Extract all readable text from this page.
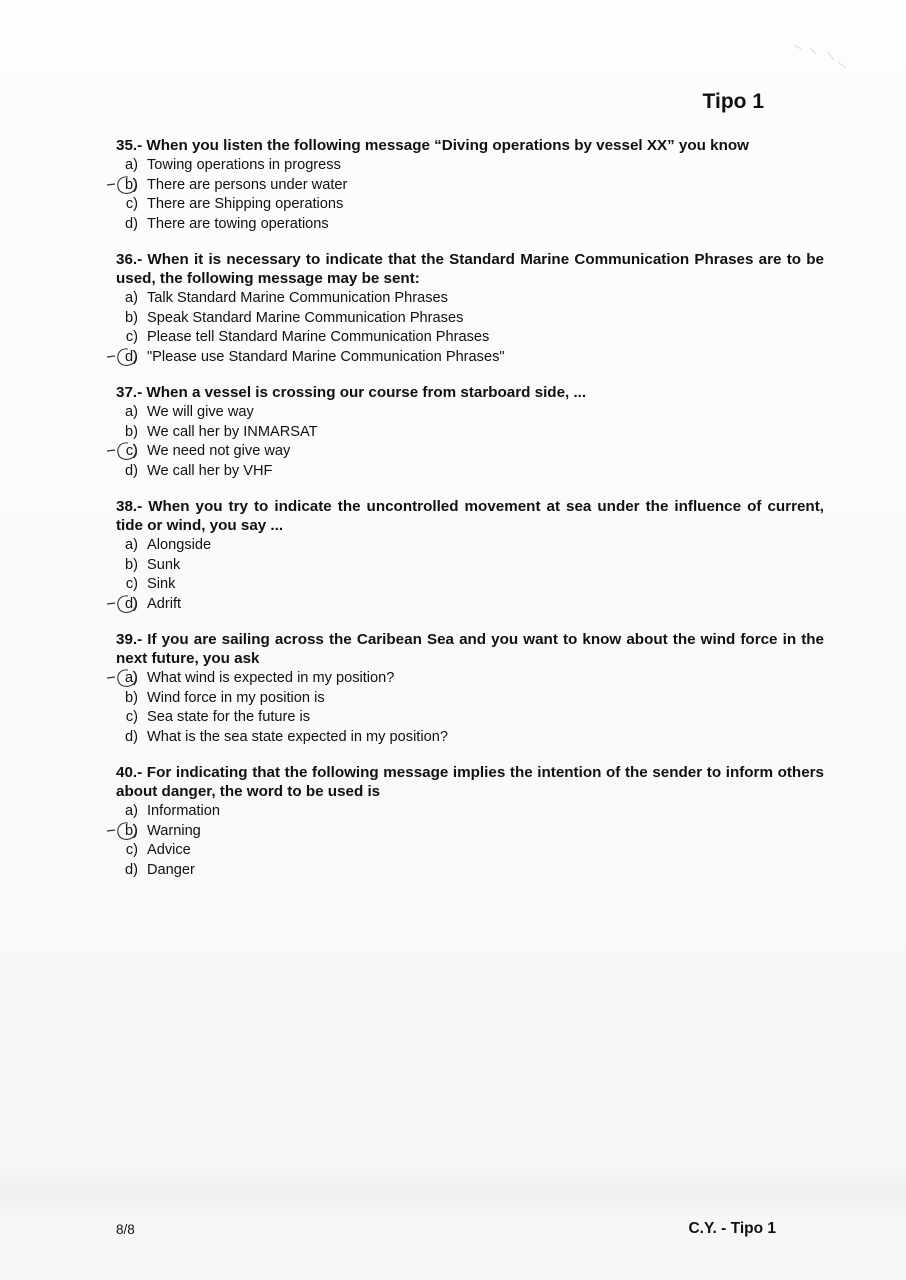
Tipo 1
35.- When you listen the following message “Diving operations by vessel XX” you know
a) Towing operations in progress
b) There are persons under water
c) There are Shipping operations
d) There are towing operations
36.- When it is necessary to indicate that the Standard Marine Communication Phrases are to be used, the following message may be sent:
a) Talk Standard Marine Communication Phrases
b) Speak Standard Marine Communication Phrases
c) Please tell Standard Marine Communication Phrases
d) "Please use Standard Marine Communication Phrases"
37.- When a vessel is crossing our course from starboard side, ...
a) We will give way
b) We call her by INMARSAT
c) We need not give way
d) We call her by VHF
38.- When you try to indicate the uncontrolled movement at sea under the influence of current, tide or wind, you say ...
a) Alongside
b) Sunk
c) Sink
d) Adrift
39.- If you are sailing across the Caribean Sea and you want to know about the wind force in the next future, you ask
a) What wind is expected in my position?
b) Wind force in my position is
c) Sea state for the future is
d) What is the sea state expected in my position?
40.- For indicating that the following message implies the intention of the sender to inform others about danger, the word to be used is
a) Information
b) Warning
c) Advice
d) Danger
8/8	C.Y. - Tipo 1
